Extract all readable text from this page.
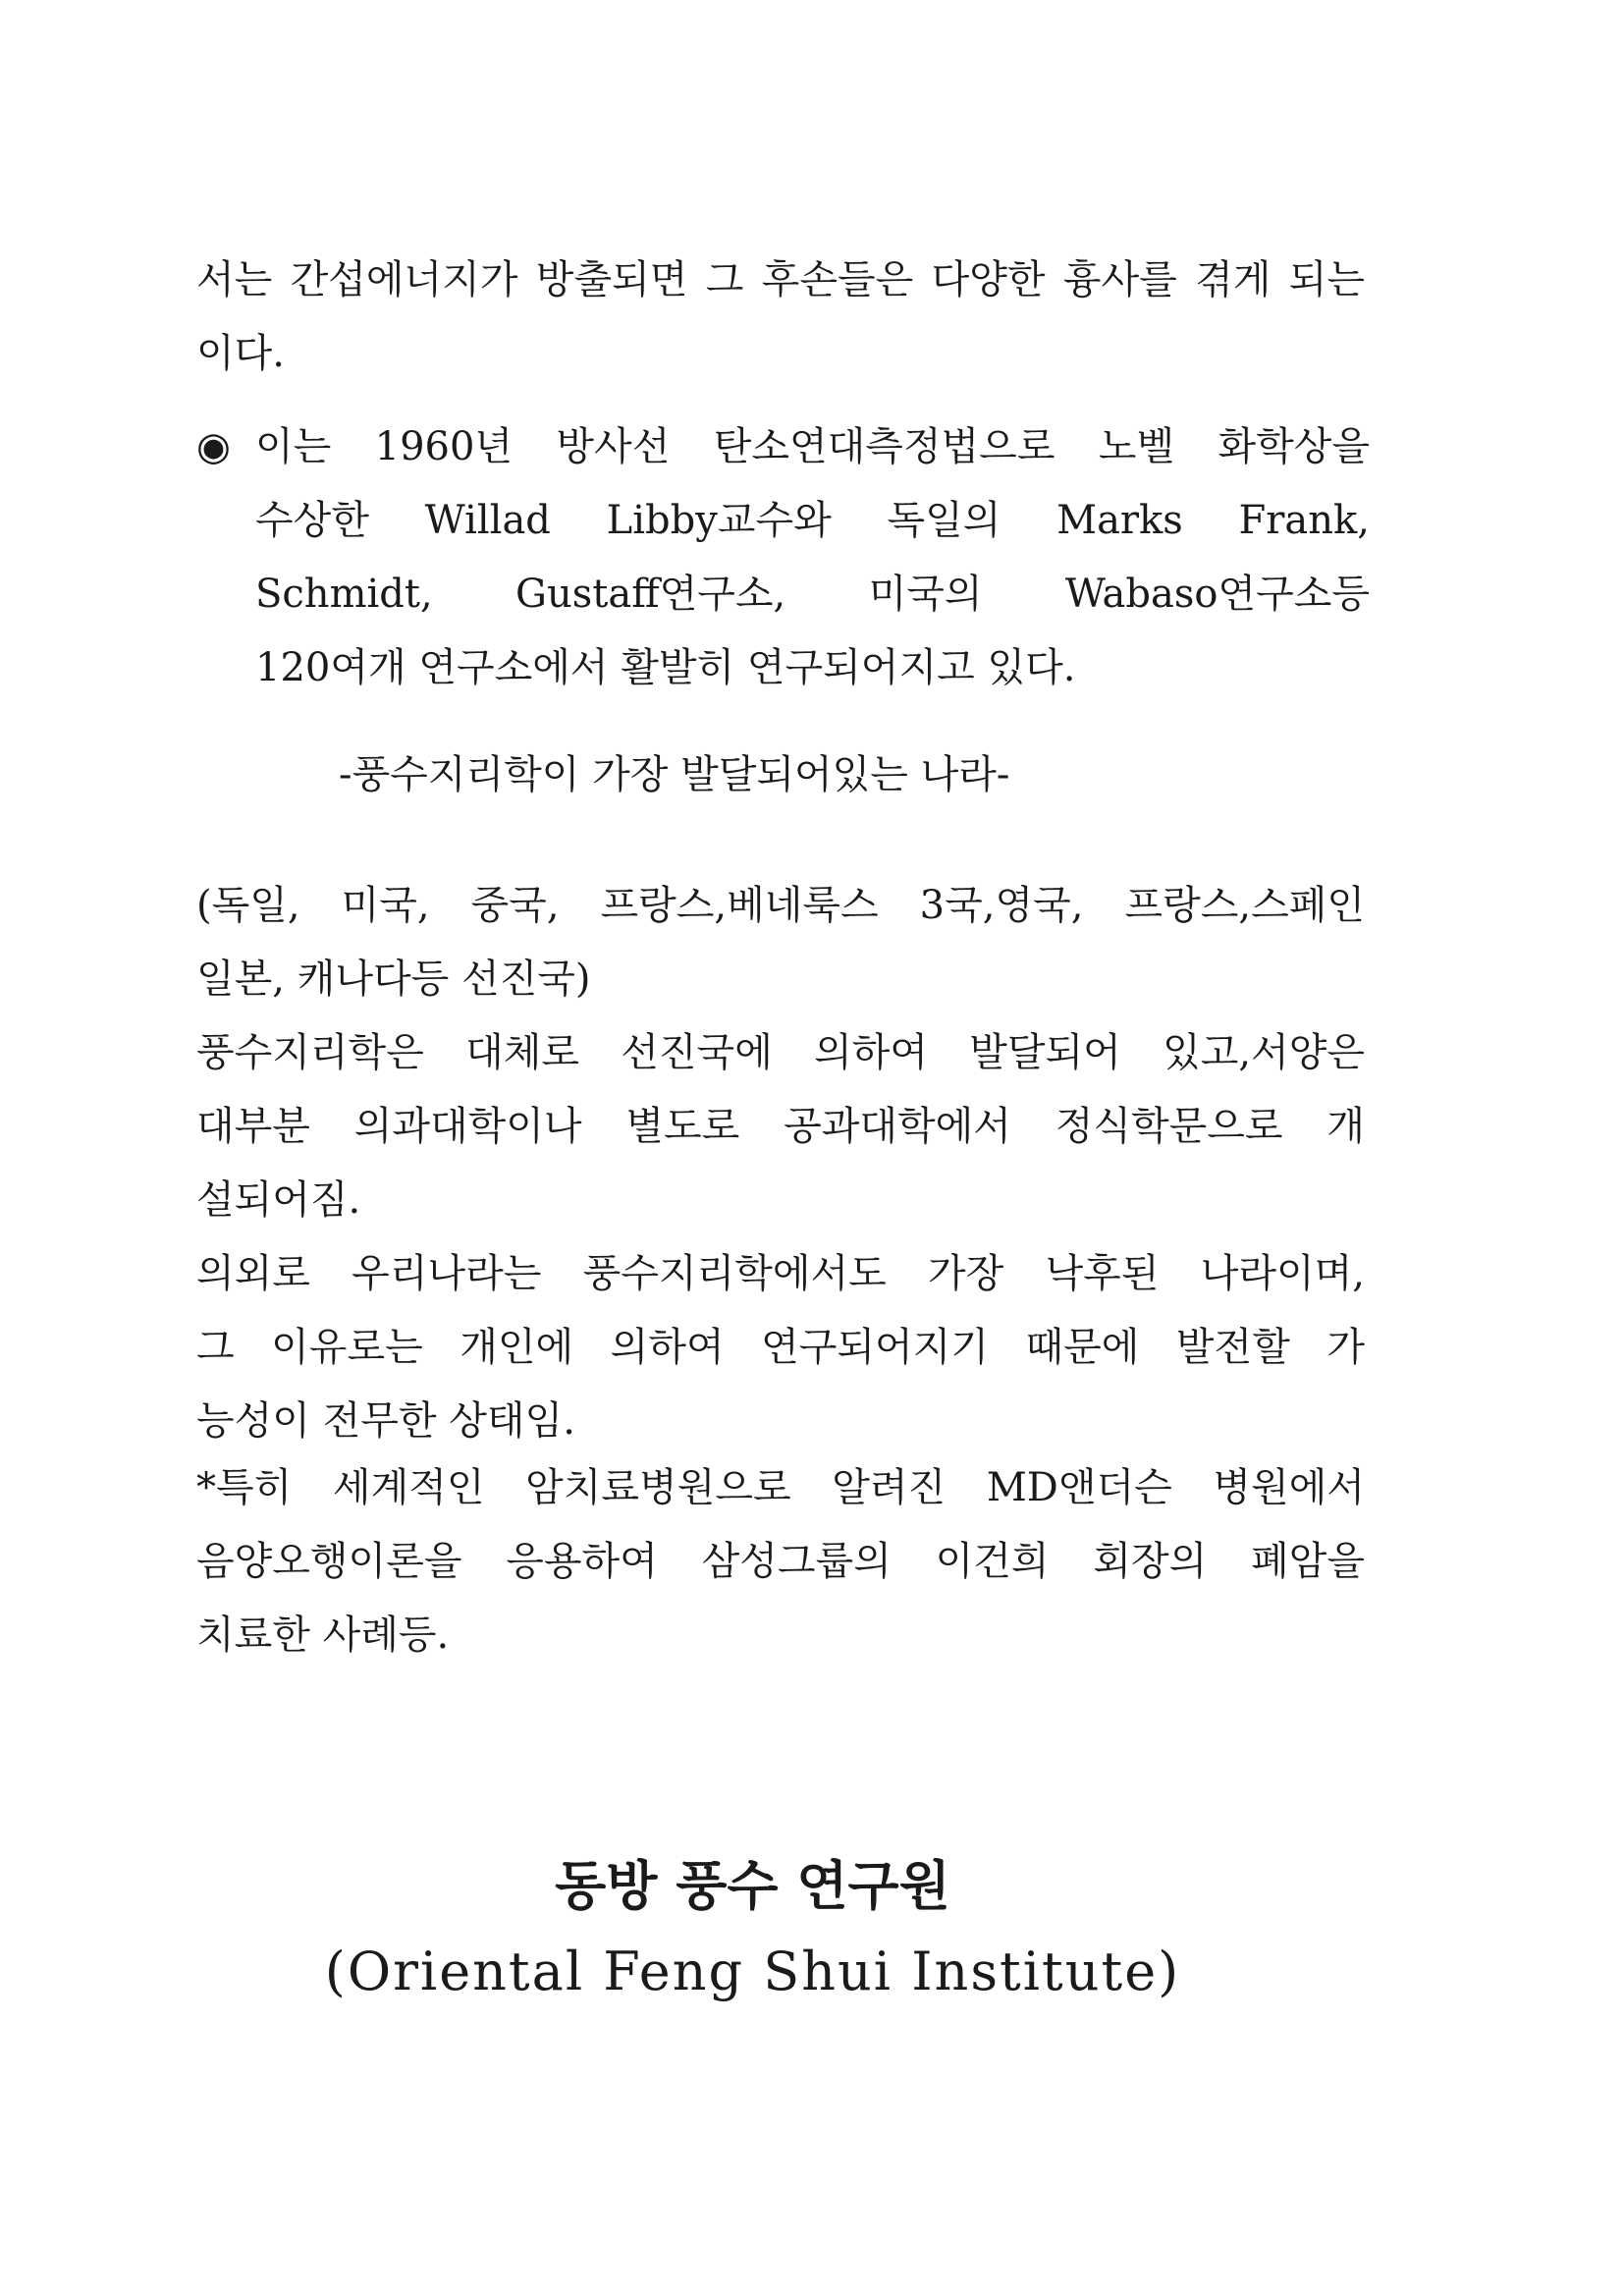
서는 간섭에너지가 방출되면 그 후손들은 다양한 흉사를 겪게 되는
이다.
◉ 이는 1960년 방사선 탄소연대측정법으로 노벨 화학상을
수상한 Willad Libby교수와 독일의 Marks Frank,
Schmidt, Gustaff연구소, 미국의 Wabaso연구소등
120여개 연구소에서 활발히 연구되어지고 있다.
-풍수지리학이 가장 발달되어있는 나라-
(독일, 미국, 중국, 프랑스,베네룩스 3국,영국, 프랑스,스페인
일본, 캐나다등 선진국)
풍수지리학은 대체로 선진국에 의하여 발달되어 있고,서양은
대부분 의과대학이나 별도로 공과대학에서 정식학문으로 개
설되어짐.
의외로 우리나라는 풍수지리학에서도 가장 낙후된 나라이며,
그 이유로는 개인에 의하여 연구되어지기 때문에 발전할 가
능성이 전무한 상태임.
*특히 세계적인 암치료병원으로 알려진 MD앤더슨 병원에서
음양오행이론을 응용하여 삼성그룹의 이건희 회장의 폐암을
치료한 사례등.
동방 풍수 연구원
(Oriental Feng Shui Institute)
